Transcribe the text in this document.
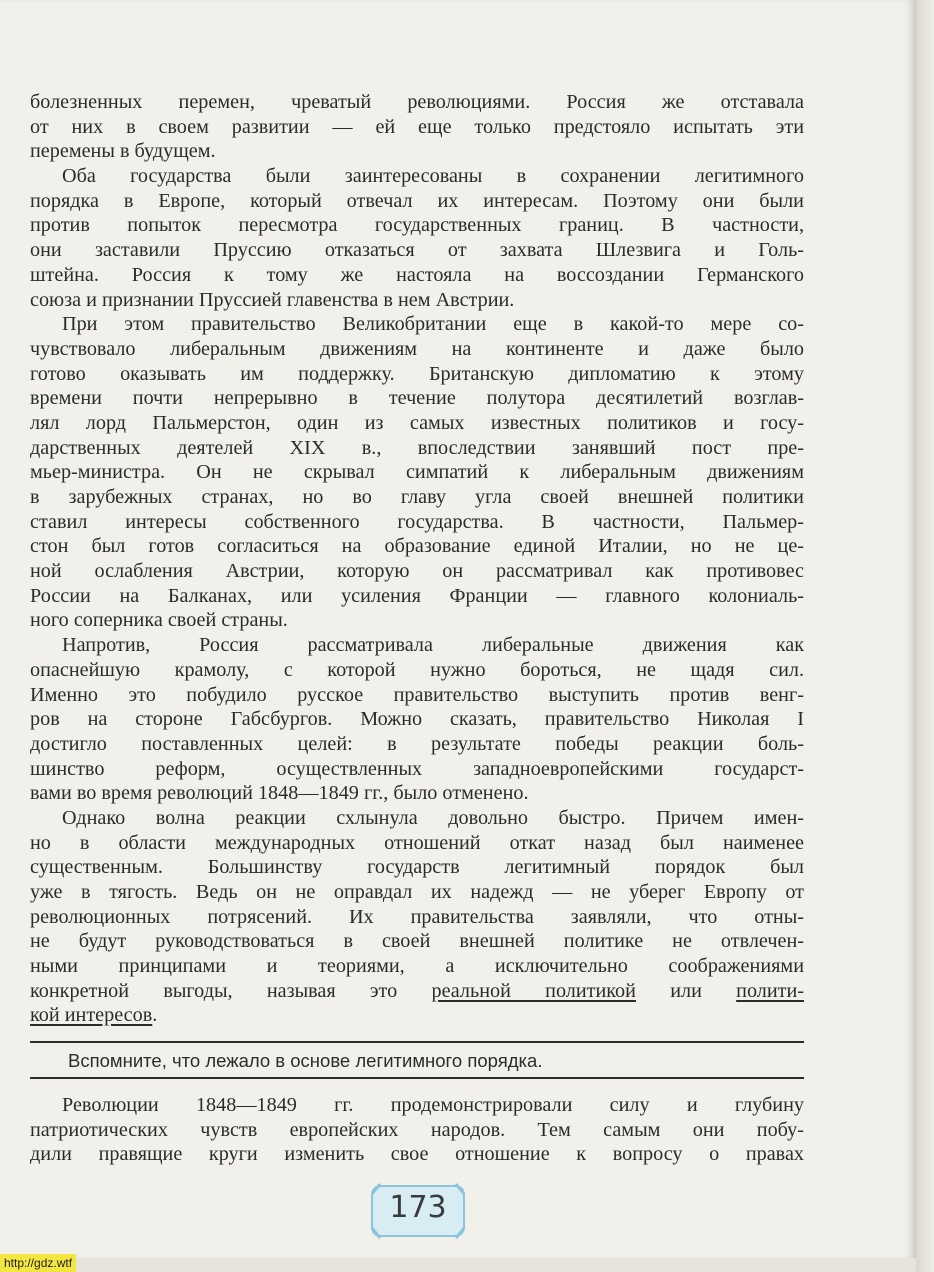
болезненных перемен, чреватый революциями. Россия же отставала
от них в своем развитии — ей еще только предстояло испытать эти
перемены в будущем.
Оба государства были заинтересованы в сохранении легитимного
порядка в Европе, который отвечал их интересам. Поэтому они были
против попыток пересмотра государственных границ. В частности,
они заставили Пруссию отказаться от захвата Шлезвига и Голь-
штейна. Россия к тому же настояла на воссоздании Германского
союза и признании Пруссией главенства в нем Австрии.
При этом правительство Великобритании еще в какой-то мере со-
чувствовало либеральным движениям на континенте и даже было
готово оказывать им поддержку. Британскую дипломатию к этому
времени почти непрерывно в течение полутора десятилетий возглав-
лял лорд Пальмерстон, один из самых известных политиков и госу-
дарственных деятелей XIX в., впоследствии занявший пост пре-
мьер-министра. Он не скрывал симпатий к либеральным движениям
в зарубежных странах, но во главу угла своей внешней политики
ставил интересы собственного государства. В частности, Пальмер-
стон был готов согласиться на образование единой Италии, но не це-
ной ослабления Австрии, которую он рассматривал как противовес
России на Балканах, или усиления Франции — главного колониаль-
ного соперника своей страны.
Напротив, Россия рассматривала либеральные движения как
опаснейшую крамолу, с которой нужно бороться, не щадя сил.
Именно это побудило русское правительство выступить против венг-
ров на стороне Габсбургов. Можно сказать, правительство Николая I
достигло поставленных целей: в результате победы реакции боль-
шинство реформ, осуществленных западноевропейскими государст-
вами во время революций 1848—1849 гг., было отменено.
Однако волна реакции схлынула довольно быстро. Причем имен-
но в области международных отношений откат назад был наименее
существенным. Большинству государств легитимный порядок был
уже в тягость. Ведь он не оправдал их надежд — не уберег Европу от
революционных потрясений. Их правительства заявляли, что отны-
не будут руководствоваться в своей внешней политике не отвлечен-
ными принципами и теориями, а исключительно соображениями
конкретной выгоды, называя это реальной политикой или полити-
кой интересов.
Вспомните, что лежало в основе легитимного порядка.
Революции 1848—1849 гг. продемонстрировали силу и глубину
патриотических чувств европейских народов. Тем самым они побу-
дили правящие круги изменить свое отношение к вопросу о правах
173
http://gdz.wtf
